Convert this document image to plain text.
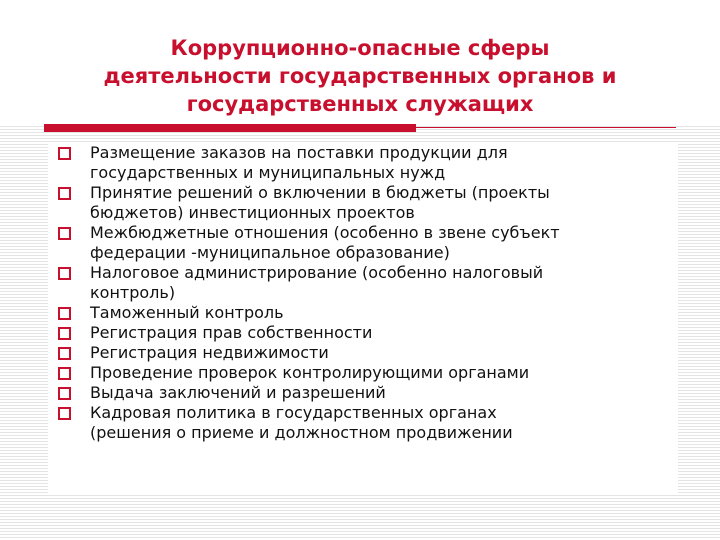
Коррупционно-опасные сферы
деятельности государственных органов и
государственных служащих
Размещение заказов на поставки продукции для
государственных и муниципальных нужд
Принятие решений о включении в бюджеты (проекты
бюджетов) инвестиционных проектов
Межбюджетные отношения (особенно в звене субъект
федерации -муниципальное образование)
Налоговое администрирование (особенно налоговый
контроль)
Таможенный контроль
Регистрация прав собственности
Регистрация недвижимости
Проведение проверок контролирующими органами
Выдача заключений и разрешений
Кадровая политика в государственных органах
(решения о приеме и должностном продвижении
